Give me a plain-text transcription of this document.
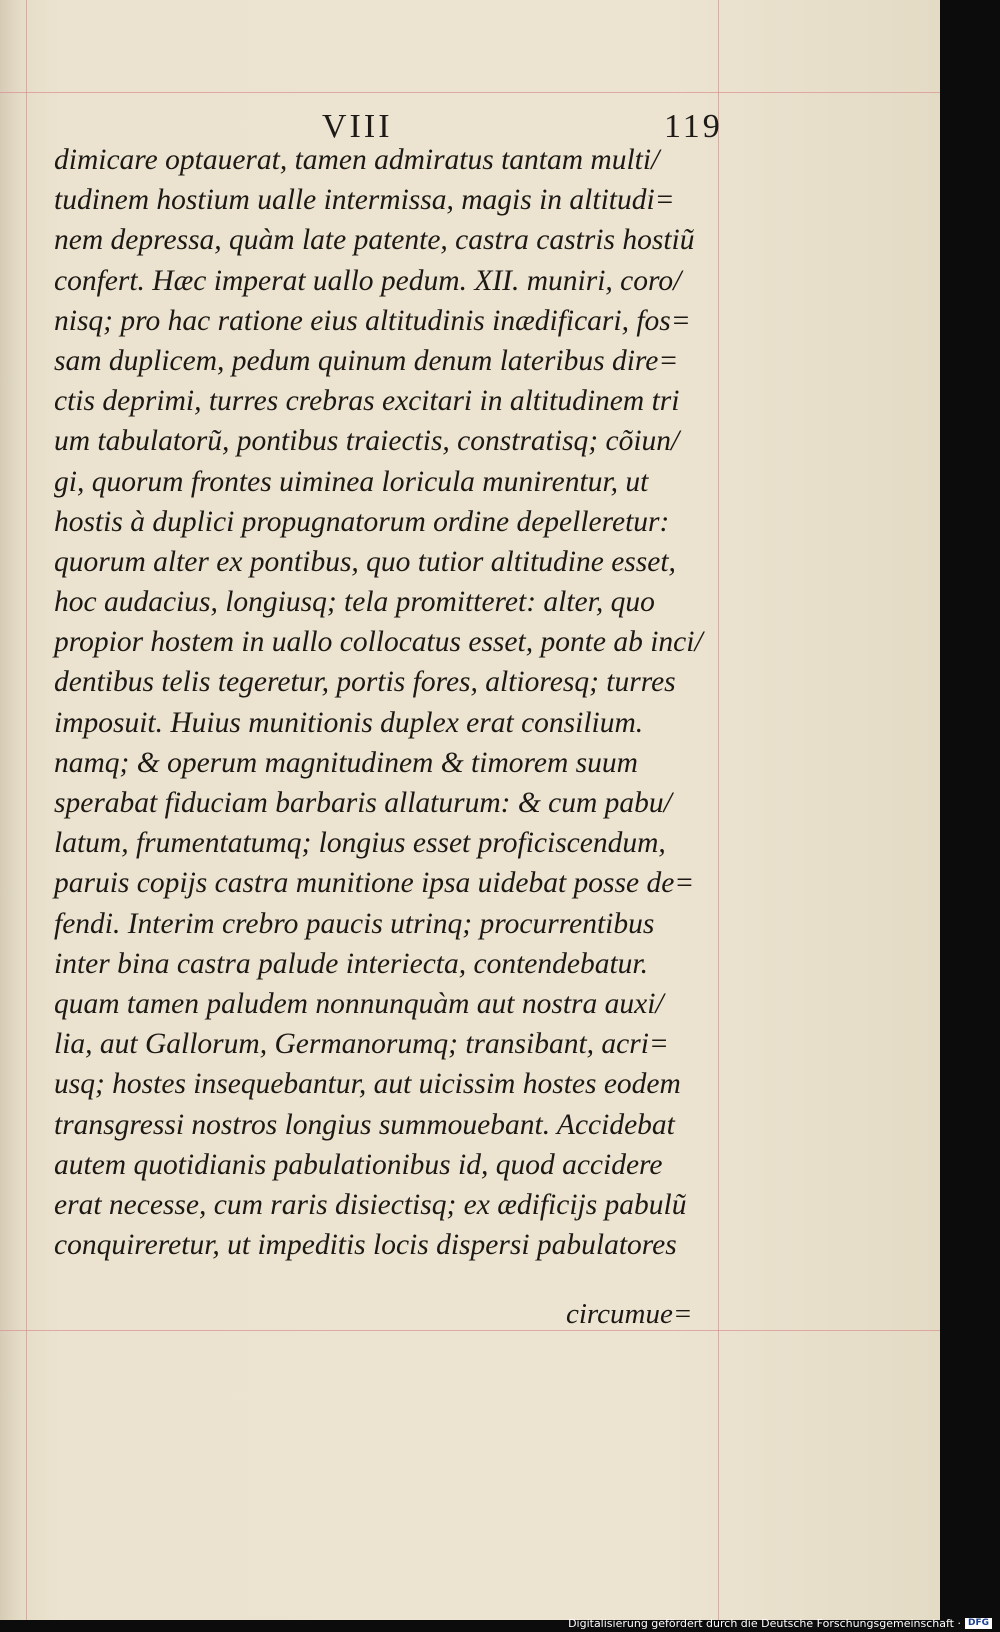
VIII	119
dimicare optauerat, tamen admiratus tantam multi/
tudinem hostium ualle intermissa, magis in altitudi=
nem depressa, quàm late patente, castra castris hostiũ
confert. Hæc imperat uallo pedum. XII. muniri, coro/
nisq; pro hac ratione eius altitudinis inædificari, fos=
sam duplicem, pedum quinum denum lateribus dire=
ctis deprimi, turres crebras excitari in altitudinem tri
um tabulatorũ, pontibus traiectis, constratisq; cõiun/
gi, quorum frontes uiminea loricula munirentur, ut
hostis à duplici propugnatorum ordine depelleretur:
quorum alter ex pontibus, quo tutior altitudine esset,
hoc audacius, longiusq; tela promitteret: alter, quo
propior hostem in uallo collocatus esset, ponte ab inci/
dentibus telis tegeretur, portis fores, altioresq; turres
imposuit. Huius munitionis duplex erat consilium.
namq; & operum magnitudinem & timorem suum
sperabat fiduciam barbaris allaturum: & cum pabu/
latum, frumentatumq; longius esset proficiscendum,
paruis copijs castra munitione ipsa uidebat posse de=
fendi. Interim crebro paucis utrinq; procurrentibus
inter bina castra palude interiecta, contendebatur.
quam tamen paludem nonnunquàm aut nostra auxi/
lia, aut Gallorum, Germanorumq; transibant, acri=
usq; hostes insequebantur, aut uicissim hostes eodem
transgressi nostros longius summouebant. Accidebat
autem quotidianis pabulationibus id, quod accidere
erat necesse, cum raris disiectisq; ex ædificijs pabulũ
conquireretur, ut impeditis locis dispersi pabulatores
circumue=
Digitalisierung gefördert durch die Deutsche Forschungsgemeinschaft · DFG
